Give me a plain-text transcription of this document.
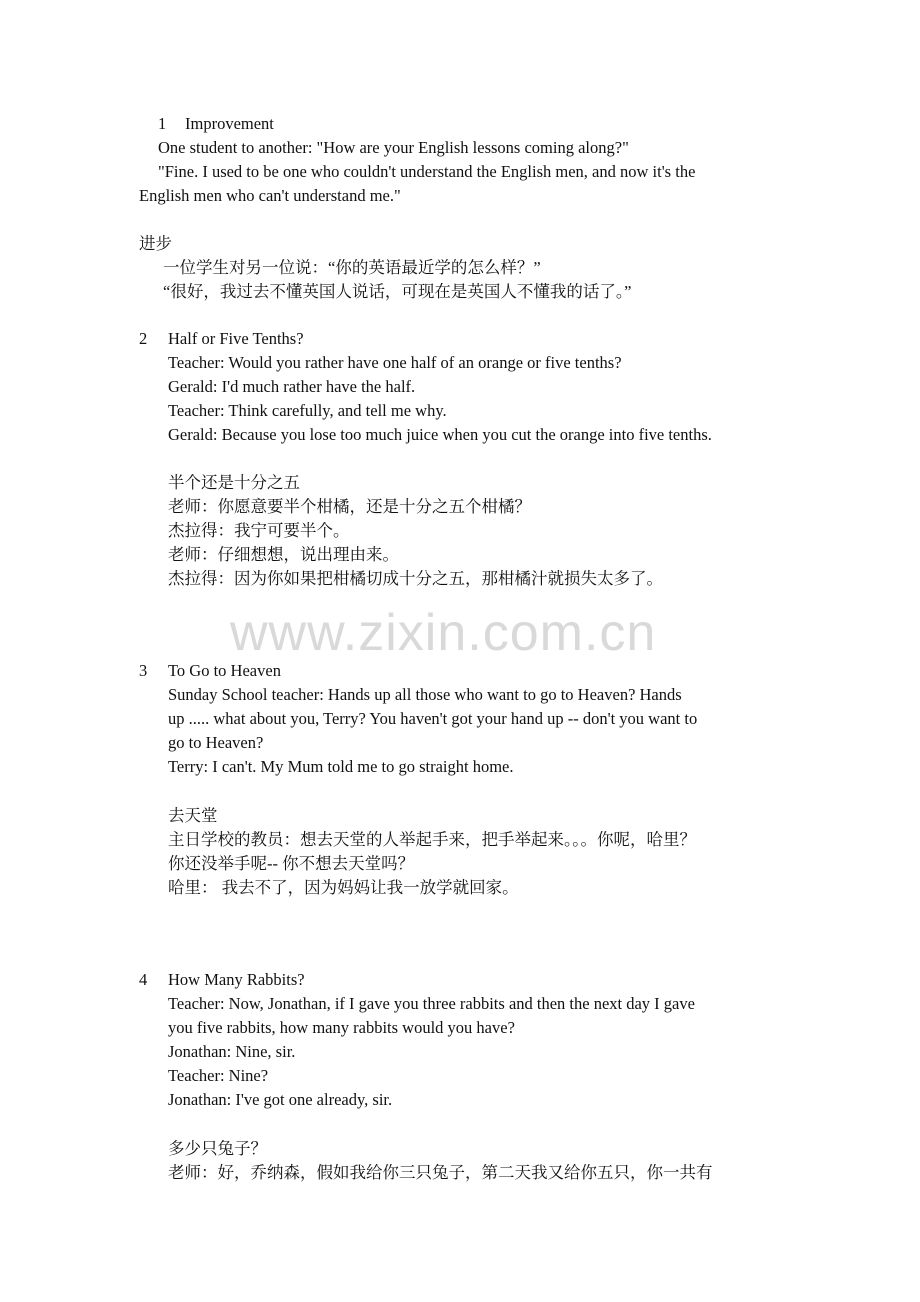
1 Improvement
One student to another: "How are your English lessons coming along?"
"Fine. I used to be one who couldn't understand the English men, and now it's the
English men who can't understand me."
进步
一位学生对另一位说：“你的英语最近学的怎么样？”
“很好，我过去不懂英国人说话，可现在是英国人不懂我的话了。”
2 Half or Five Tenths?
Teacher: Would you rather have one half of an orange or five tenths?
Gerald: I'd much rather have the half.
Teacher: Think carefully, and tell me why.
Gerald: Because you lose too much juice when you cut the orange into five tenths.
半个还是十分之五
老师：你愿意要半个柑橘，还是十分之五个柑橘？
杰拉得：我宁可要半个。
老师：仔细想想，说出理由来。
杰拉得：因为你如果把柑橘切成十分之五，那柑橘汁就损失太多了。
www.zixin.com.cn
3 To Go to Heaven
Sunday School teacher: Hands up all those who want to go to Heaven? Hands
up ..... what about you, Terry? You haven't got your hand up -- don't you want to
go to Heaven?
Terry: I can't. My Mum told me to go straight home.
去天堂
主日学校的教员：想去天堂的人举起手来，把手举起来。。。你呢，哈里？
你还没举手呢-- 你不想去天堂吗？
哈里： 我去不了，因为妈妈让我一放学就回家。
4 How Many Rabbits?
Teacher: Now, Jonathan, if I gave you three rabbits and then the next day I gave
you five rabbits, how many rabbits would you have?
Jonathan: Nine, sir.
Teacher: Nine?
Jonathan: I've got one already, sir.
多少只兔子？
老师：好，乔纳森，假如我给你三只兔子，第二天我又给你五只，你一共有
